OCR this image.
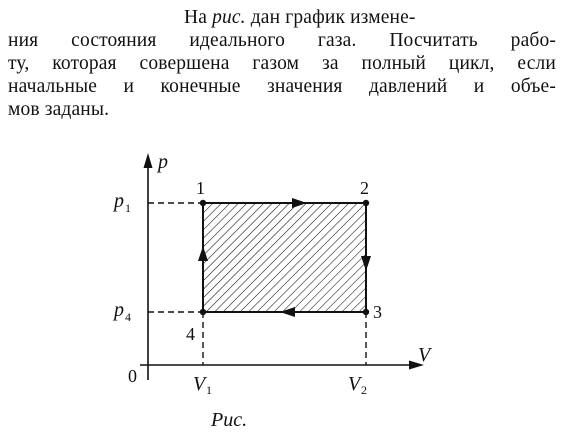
На рис. дан график измене-
ния состояния идеального газа. Посчитать рабо-
ту, которая совершена газом за полный цикл, если
начальные и конечные значения давлений и объе-
мов заданы.
p
V
0
p 1
p 4
V 1	V 2
1	2
3
4
Рис.
